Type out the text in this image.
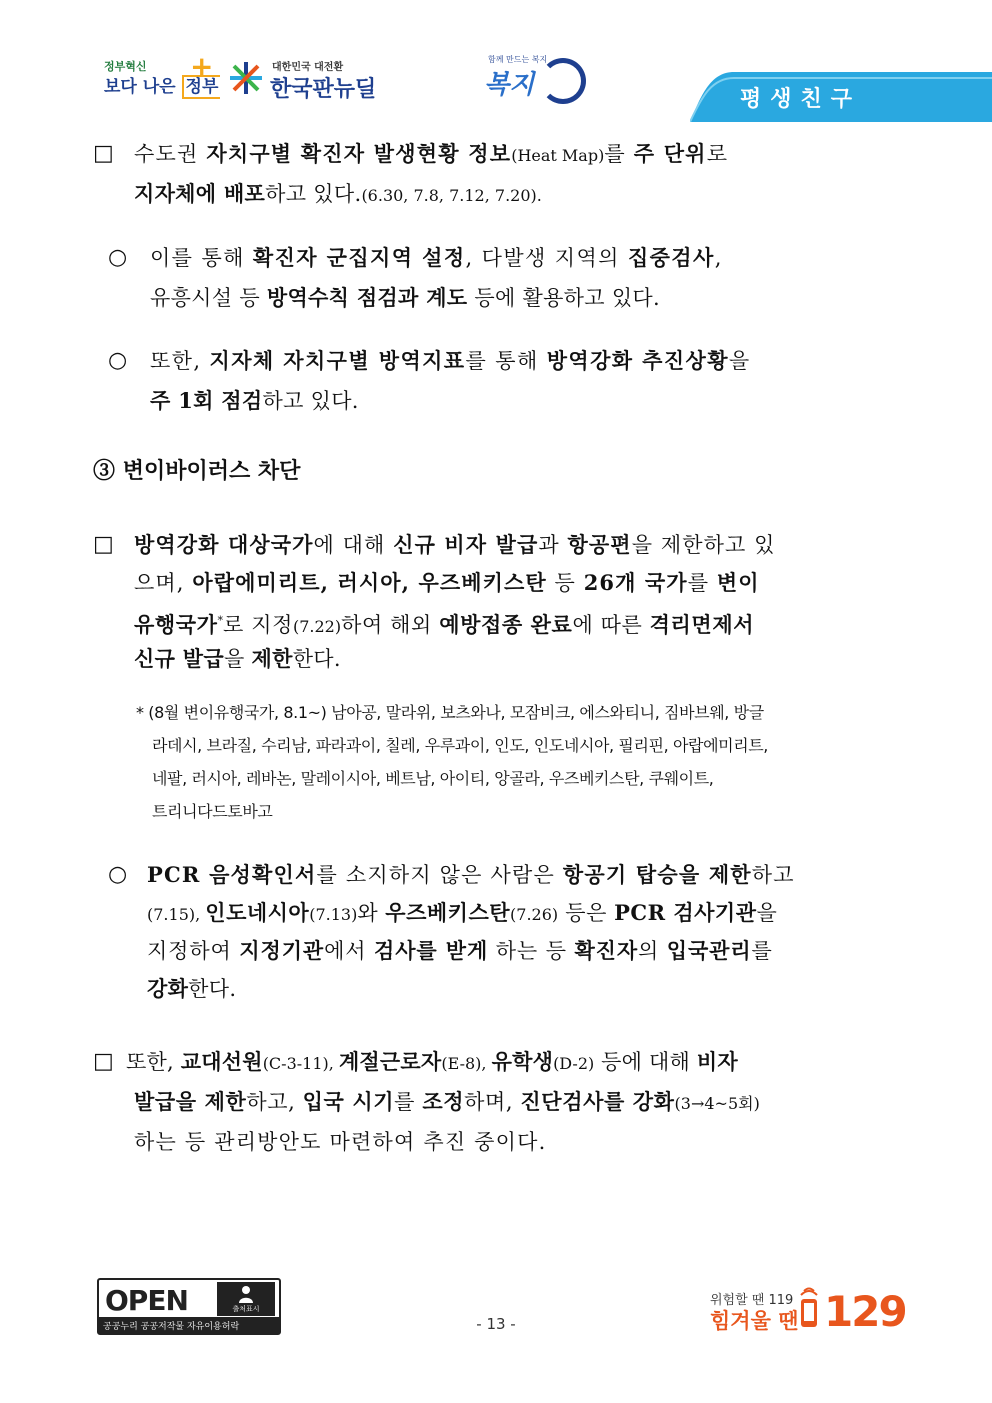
정부혁신
보다 나은 정부
+	대한민국 대전환
한국판뉴딜
함께 만드는 복지
복지	평생친구
□ 수도권 자치구별 확진자 발생현황 정보(Heat Map)를 주 단위로
지자체에 배포하고 있다.(6.30, 7.8, 7.12, 7.20).
○ 이를 통해 확진자 군집지역 설정, 다발생 지역의 집중검사,
유흥시설 등 방역수칙 점검과 계도 등에 활용하고 있다.
○ 또한, 지자체 자치구별 방역지표를 통해 방역강화 추진상황을
주 1회 점검하고 있다.
③ 변이바이러스 차단
□ 방역강화 대상국가에 대해 신규 비자 발급과 항공편을 제한하고 있
으며, 아랍에미리트, 러시아, 우즈베키스탄 등 26개 국가를 변이
유행국가*로 지정(7.22)하여 해외 예방접종 완료에 따른 격리면제서
신규 발급을 제한한다.
* (8월 변이유행국가, 8.1~) 남아공, 말라위, 보츠와나, 모잠비크, 에스와티니, 짐바브웨, 방글
라데시, 브라질, 수리남, 파라과이, 칠레, 우루과이, 인도, 인도네시아, 필리핀, 아랍에미리트,
네팔, 러시아, 레바논, 말레이시아, 베트남, 아이티, 앙골라, 우즈베키스탄, 쿠웨이트,
트리니다드토바고
○ PCR 음성확인서를 소지하지 않은 사람은 항공기 탑승을 제한하고
(7.15), 인도네시아(7.13)와 우즈베키스탄(7.26) 등은 PCR 검사기관을
지정하여 지정기관에서 검사를 받게 하는 등 확진자의 입국관리를
강화한다.
□ 또한, 교대선원(C-3-11), 계절근로자(E-8), 유학생(D-2) 등에 대해 비자
발급을 제한하고, 입국 시기를 조정하며, 진단검사를 강화(3→4~5회)
하는 등 관리방안도 마련하여 추진 중이다.
OPEN	출처표시
공공누리 공공저작물 자유이용허락	- 13 -
위험할 땐 119
힘겨울 땐 129
